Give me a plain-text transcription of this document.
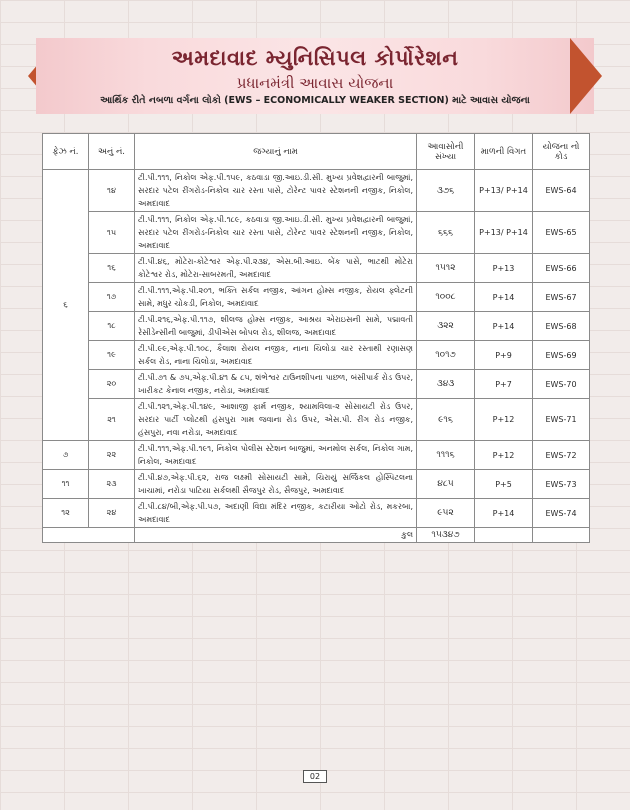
અમદાવાદ મ્યુનિસિપલ કોર્પોરેશન
પ્રધાનમંત્રી આવાસ યોજના
આર્થિક રીતે નબળા વર્ગના લોકો (EWS – ECONOMICALLY WEAKER SECTION) માટે આવાસ યોજના
ફેઝ નં.	અનું નં.	જગ્યાનું નામ	આવાસોની સંખ્યા	માળની વિગત	યોજના નો કોડ
૬	૧૪	ટી.પી.૧૧૧, નિકોલ એફ.પી.૧૫૯, કઠવાડા જી.આઇ.ડી.સી. મુખ્ય પ્રવેશદ્વારની બાજુમાં, સરદાર પટેલ રીંગરોડ-નિકોલ ચાર રસ્તા પાસે, ટોરેન્ટ પાવર સ્ટેશનની નજીક, નિકોલ, અમદાવાદ	૩૭૬	P+13/ P+14	EWS-64
	૧૫	ટી.પી.૧૧૧, નિકોલ એફ.પી.૧૮૯, કઠવાડા જી.આઇ.ડી.સી. મુખ્ય પ્રવેશદ્વારની બાજુમાં, સરદાર પટેલ રીંગરોડ-નિકોલ ચાર રસ્તા પાસે, ટોરેન્ટ પાવર સ્ટેશનની નજીક, નિકોલ, અમદાવાદ	૬૬૬	P+13/ P+14	EWS-65
	૧૬	ટી.પી.૪૬, મોટેરા-કોટેશ્વર એફ.પી.૨૩૪, એસ.બી.આઇ. બેંક પાસે, ભાટથી મોટેરા કોટેશ્વર રોડ, મોટેરા-સાબરમતી, અમદાવાદ	૧૫૧૨	P+13	EWS-66
	૧૭	ટી.પી.૧૧૧,એફ.પી.૨૦૧, ભક્તિ સર્કલ નજીક, આંગન હોમ્સ નજીક, રોયલ ફ્લેટની સામે, મધુર ચોકડી, નિકોલ, અમદાવાદ	૧૦૦૮	P+14	EWS-67
	૧૮	ટી.પી.૨૧૬,એફ.પી.૧૧૭, શીલજ હોમ્સ નજીક, આશ્રય એરાઇસની સામે, પદ્માવતી રેસીડેન્સીની બાજુમાં, ડીપીએસ બોપલ રોડ, શીલજ, અમદાવાદ	૩૨૨	P+14	EWS-68
	૧૯	ટી.પી.૯૯,એફ.પી.૧૦૮, કૈલાશ રોયલ નજીક, નાના ચિલોડા ચાર રસ્તાથી રણાસણ સર્કલ રોડ, નાના ચિલોડા, અમદાવાદ	૧૦૧૭	P+9	EWS-69
	૨૦	ટી.પી.૭૧ & ૭૫,એફ.પી.૪૧ & ૮૫, શંભેશ્વર ટાઉનશીપના પાછળ, બંસીપાર્ક રોડ ઉપર, ખારીકટ કેનાલ નજીક, નરોડા, અમદાવાદ	૩૪૩	P+7	EWS-70
	૨૧	ટી.પી.૧૨૧,એફ.પી.૧૪૯, આશાજી ફાર્મ નજીક, શ્યામવિલા-૨ સોસાયટી રોડ ઉપર, સરદાર પાર્ટી પ્લોટથી હંસપુરા ગામ જવાના રોડ ઉપર, એસ.પી. રીંગ રોડ નજીક, હંસપુરા, નવા નરોડા, અમદાવાદ	૯૧૬	P+12	EWS-71
૭	૨૨	ટી.પી.૧૧૧,એફ.પી.૧૯૧, નિકોલ પોલીસ સ્ટેશન બાજુમાં, અનમોલ સર્કલ, નિકોલ ગામ, નિકોલ, અમદાવાદ	૧૧૧૬	P+12	EWS-72
૧૧	૨૩	ટી.પી.૪૭,એફ.પી.૬૨, રાજ લક્ષ્મી સોસાયટી સામે, ચિરાયું સર્જિકલ હોસ્પિટલના ખાચામાં, નરોડા પાટિયા સર્કલથી સૈજપુર રોડ, સૈજપુર, અમદાવાદ	૪૮૫	P+5	EWS-73
૧૨	૨૪	ટી.પી.૮૪/બી,એફ.પી.૫૭, અદાણી વિદ્યા મંદિર નજીક, કટારીયા ઓટો રોડ, મકરબા, અમદાવાદ	૯૫૨	P+14	EWS-74
		કુલ	૧૫૩૪૭		
02
